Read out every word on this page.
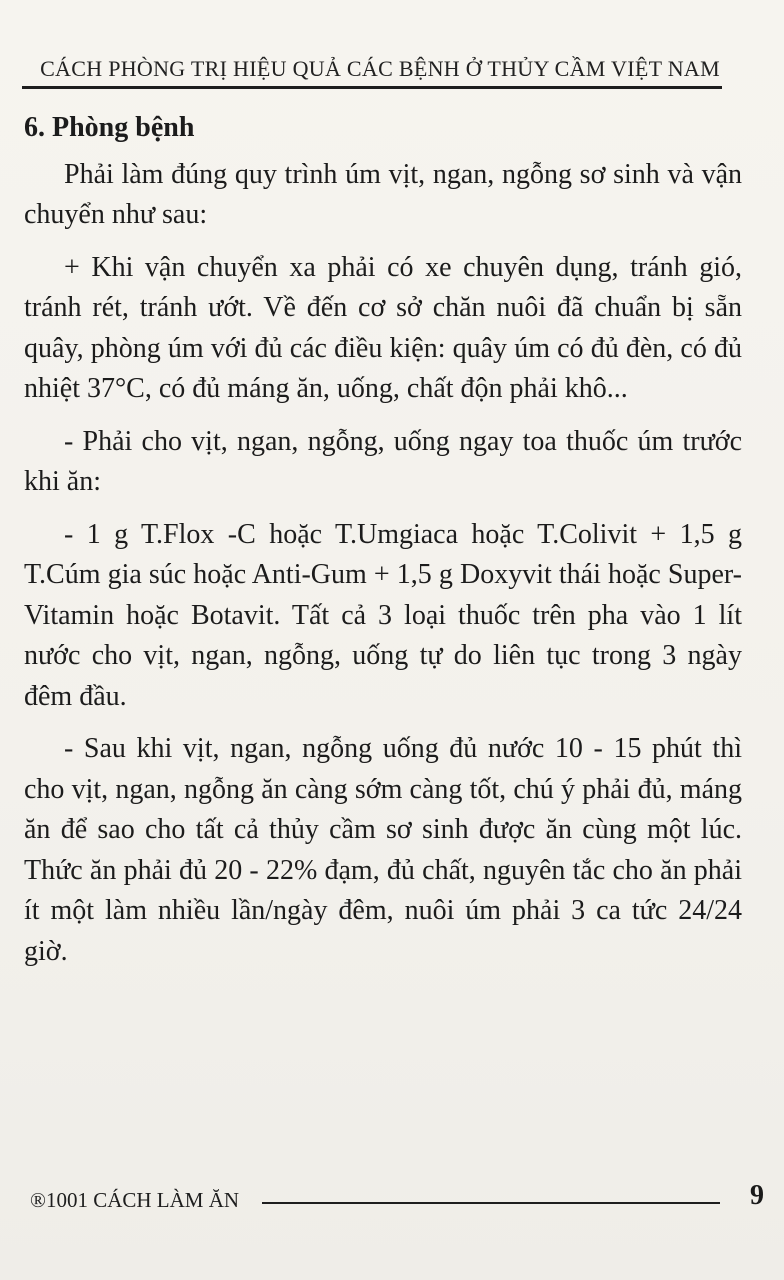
CÁCH PHÒNG TRỊ HIỆU QUẢ CÁC BỆNH Ở THỦY CẦM VIỆT NAM
6. Phòng bệnh

Phải làm đúng quy trình úm vịt, ngan, ngỗng sơ sinh và vận chuyển như sau:

+ Khi vận chuyển xa phải có xe chuyên dụng, tránh gió, tránh rét, tránh ướt. Về đến cơ sở chăn nuôi đã chuẩn bị sẵn quây, phòng úm với đủ các điều kiện: quây úm có đủ đèn, có đủ nhiệt 37°C, có đủ máng ăn, uống, chất độn phải khô...

- Phải cho vịt, ngan, ngỗng, uống ngay toa thuốc úm trước khi ăn:

- 1 g T.Flox -C hoặc T.Umgiaca hoặc T.Colivit + 1,5 g T.Cúm gia súc hoặc Anti-Gum + 1,5 g Doxyvit thái hoặc Super-Vitamin hoặc Botavit. Tất cả 3 loại thuốc trên pha vào 1 lít nước cho vịt, ngan, ngỗng, uống tự do liên tục trong 3 ngày đêm đầu.

- Sau khi vịt, ngan, ngỗng uống đủ nước 10 - 15 phút thì cho vịt, ngan, ngỗng ăn càng sớm càng tốt, chú ý phải đủ, máng ăn để sao cho tất cả thủy cầm sơ sinh được ăn cùng một lúc. Thức ăn phải đủ 20 - 22% đạm, đủ chất, nguyên tắc cho ăn phải ít một làm nhiều lần/ngày đêm, nuôi úm phải 3 ca tức 24/24 giờ.

®1001 CÁCH LÀM ĂN	9
